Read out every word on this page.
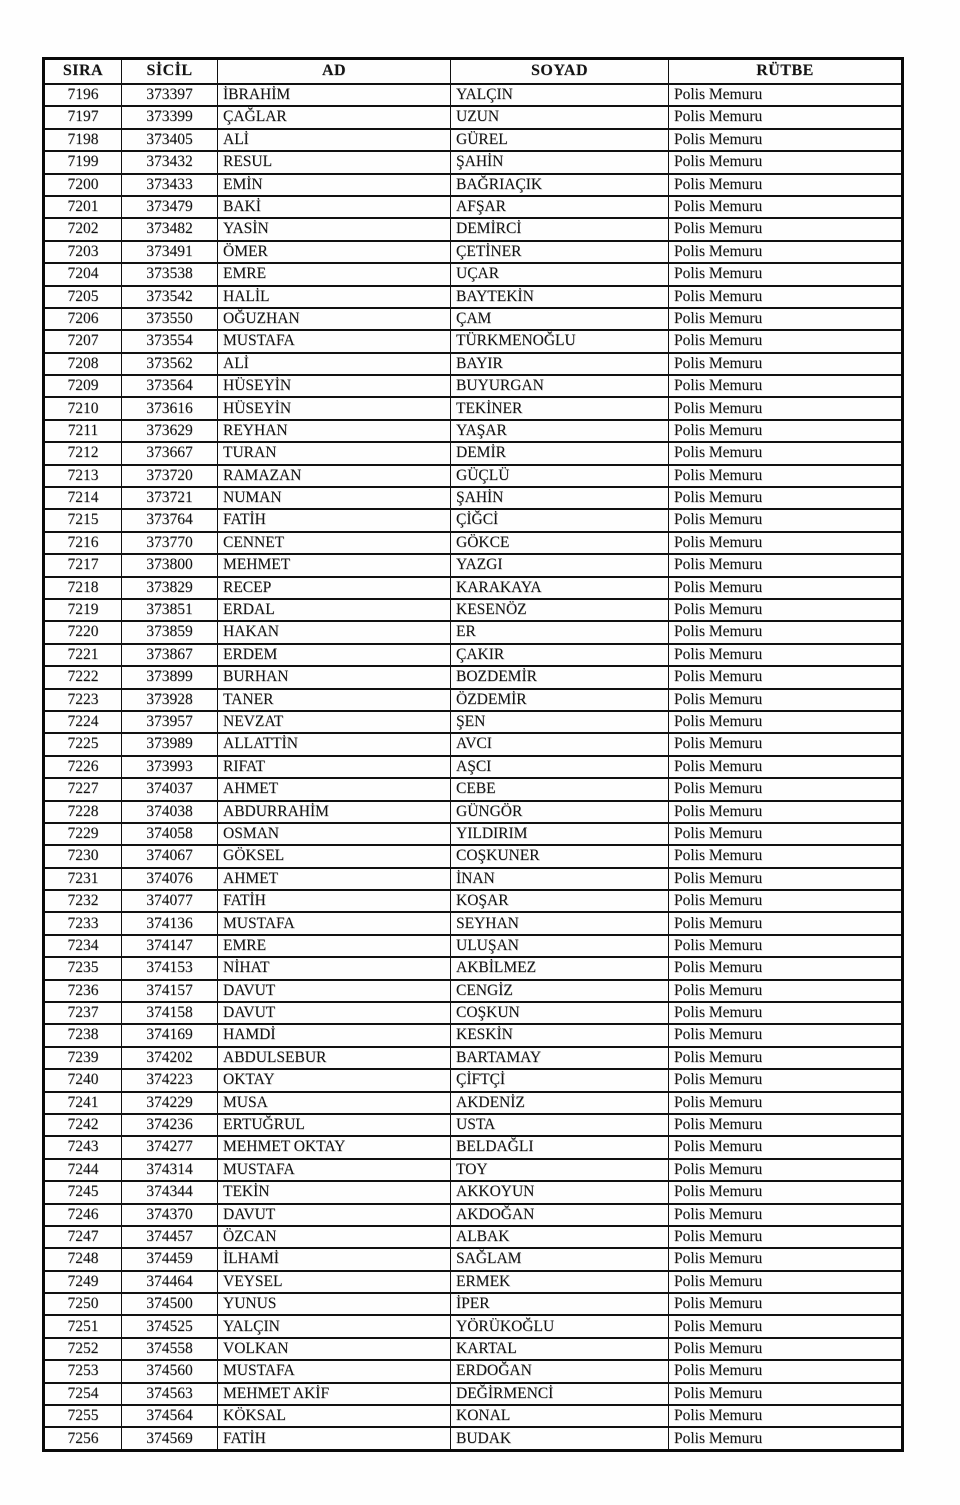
SIRA	SİCİL	AD	SOYAD	RÜTBE
7196	373397	İBRAHİM	YALÇIN	Polis Memuru
7197	373399	ÇAĞLAR	UZUN	Polis Memuru
7198	373405	ALİ	GÜREL	Polis Memuru
7199	373432	RESUL	ŞAHİN	Polis Memuru
7200	373433	EMİN	BAĞRIAÇIK	Polis Memuru
7201	373479	BAKİ	AFŞAR	Polis Memuru
7202	373482	YASİN	DEMİRCİ	Polis Memuru
7203	373491	ÖMER	ÇETİNER	Polis Memuru
7204	373538	EMRE	UÇAR	Polis Memuru
7205	373542	HALİL	BAYTEKİN	Polis Memuru
7206	373550	OĞUZHAN	ÇAM	Polis Memuru
7207	373554	MUSTAFA	TÜRKMENOĞLU	Polis Memuru
7208	373562	ALİ	BAYIR	Polis Memuru
7209	373564	HÜSEYİN	BUYURGAN	Polis Memuru
7210	373616	HÜSEYİN	TEKİNER	Polis Memuru
7211	373629	REYHAN	YAŞAR	Polis Memuru
7212	373667	TURAN	DEMİR	Polis Memuru
7213	373720	RAMAZAN	GÜÇLÜ	Polis Memuru
7214	373721	NUMAN	ŞAHİN	Polis Memuru
7215	373764	FATİH	ÇİĞCİ	Polis Memuru
7216	373770	CENNET	GÖKCE	Polis Memuru
7217	373800	MEHMET	YAZGI	Polis Memuru
7218	373829	RECEP	KARAKAYA	Polis Memuru
7219	373851	ERDAL	KESENÖZ	Polis Memuru
7220	373859	HAKAN	ER	Polis Memuru
7221	373867	ERDEM	ÇAKIR	Polis Memuru
7222	373899	BURHAN	BOZDEMİR	Polis Memuru
7223	373928	TANER	ÖZDEMİR	Polis Memuru
7224	373957	NEVZAT	ŞEN	Polis Memuru
7225	373989	ALLATTİN	AVCI	Polis Memuru
7226	373993	RIFAT	AŞCI	Polis Memuru
7227	374037	AHMET	CEBE	Polis Memuru
7228	374038	ABDURRAHİM	GÜNGÖR	Polis Memuru
7229	374058	OSMAN	YILDIRIM	Polis Memuru
7230	374067	GÖKSEL	COŞKUNER	Polis Memuru
7231	374076	AHMET	İNAN	Polis Memuru
7232	374077	FATİH	KOŞAR	Polis Memuru
7233	374136	MUSTAFA	SEYHAN	Polis Memuru
7234	374147	EMRE	ULUŞAN	Polis Memuru
7235	374153	NİHAT	AKBİLMEZ	Polis Memuru
7236	374157	DAVUT	CENGİZ	Polis Memuru
7237	374158	DAVUT	COŞKUN	Polis Memuru
7238	374169	HAMDİ	KESKİN	Polis Memuru
7239	374202	ABDULSEBUR	BARTAMAY	Polis Memuru
7240	374223	OKTAY	ÇİFTÇİ	Polis Memuru
7241	374229	MUSA	AKDENİZ	Polis Memuru
7242	374236	ERTUĞRUL	USTA	Polis Memuru
7243	374277	MEHMET OKTAY	BELDAĞLI	Polis Memuru
7244	374314	MUSTAFA	TOY	Polis Memuru
7245	374344	TEKİN	AKKOYUN	Polis Memuru
7246	374370	DAVUT	AKDOĞAN	Polis Memuru
7247	374457	ÖZCAN	ALBAK	Polis Memuru
7248	374459	İLHAMİ	SAĞLAM	Polis Memuru
7249	374464	VEYSEL	ERMEK	Polis Memuru
7250	374500	YUNUS	İPER	Polis Memuru
7251	374525	YALÇIN	YÖRÜKOĞLU	Polis Memuru
7252	374558	VOLKAN	KARTAL	Polis Memuru
7253	374560	MUSTAFA	ERDOĞAN	Polis Memuru
7254	374563	MEHMET AKİF	DEĞİRMENCİ	Polis Memuru
7255	374564	KÖKSAL	KONAL	Polis Memuru
7256	374569	FATİH	BUDAK	Polis Memuru
